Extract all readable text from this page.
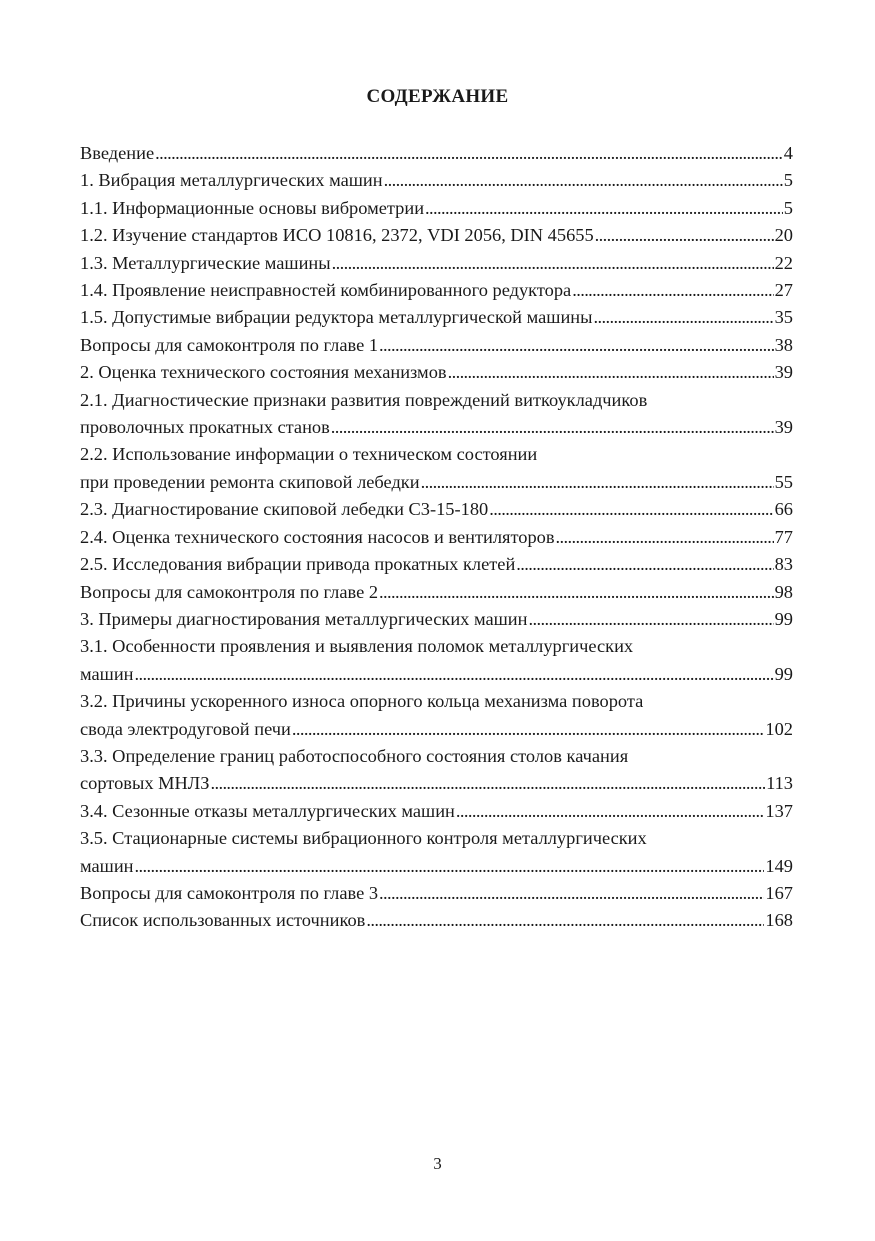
СОДЕРЖАНИЕ
Введение . . .	4
1. Вибрация металлургических машин . . .	5
1.1. Информационные основы виброметрии . . .	5
1.2. Изучение стандартов ИСО 10816, 2372, VDI 2056, DIN 45655 . . .	20
1.3. Металлургические машины . . .	22
1.4. Проявление неисправностей комбинированного редуктора . . .	27
1.5. Допустимые вибрации редуктора металлургической машины . . .	35
Вопросы для самоконтроля по главе 1 . . .	38
2. Оценка технического состояния механизмов . . .	39
2.1. Диагностические признаки развития повреждений виткоукладчиков
проволочных прокатных станов . . .	39
2.2. Использование информации о техническом состоянии
при проведении ремонта скиповой лебедки . . .	55
2.3. Диагностирование скиповой лебедки С3-15-180 . . .	66
2.4. Оценка технического состояния насосов и вентиляторов . . .	77
2.5. Исследования вибрации привода прокатных клетей . . .	83
Вопросы для самоконтроля по главе 2 . . .	98
3. Примеры диагностирования металлургических машин . . .	99
3.1. Особенности проявления и выявления поломок металлургических
машин . . .	99
3.2. Причины ускоренного износа опорного кольца механизма поворота
свода электродуговой печи . . .	102
3.3. Определение границ работоспособного состояния столов качания
сортовых МНЛЗ . . .	113
3.4. Сезонные отказы металлургических машин . . .	137
3.5. Стационарные системы вибрационного контроля металлургических
машин . . .	149
Вопросы для самоконтроля по главе 3 . . .	167
Список использованных источников . . .	168
3
